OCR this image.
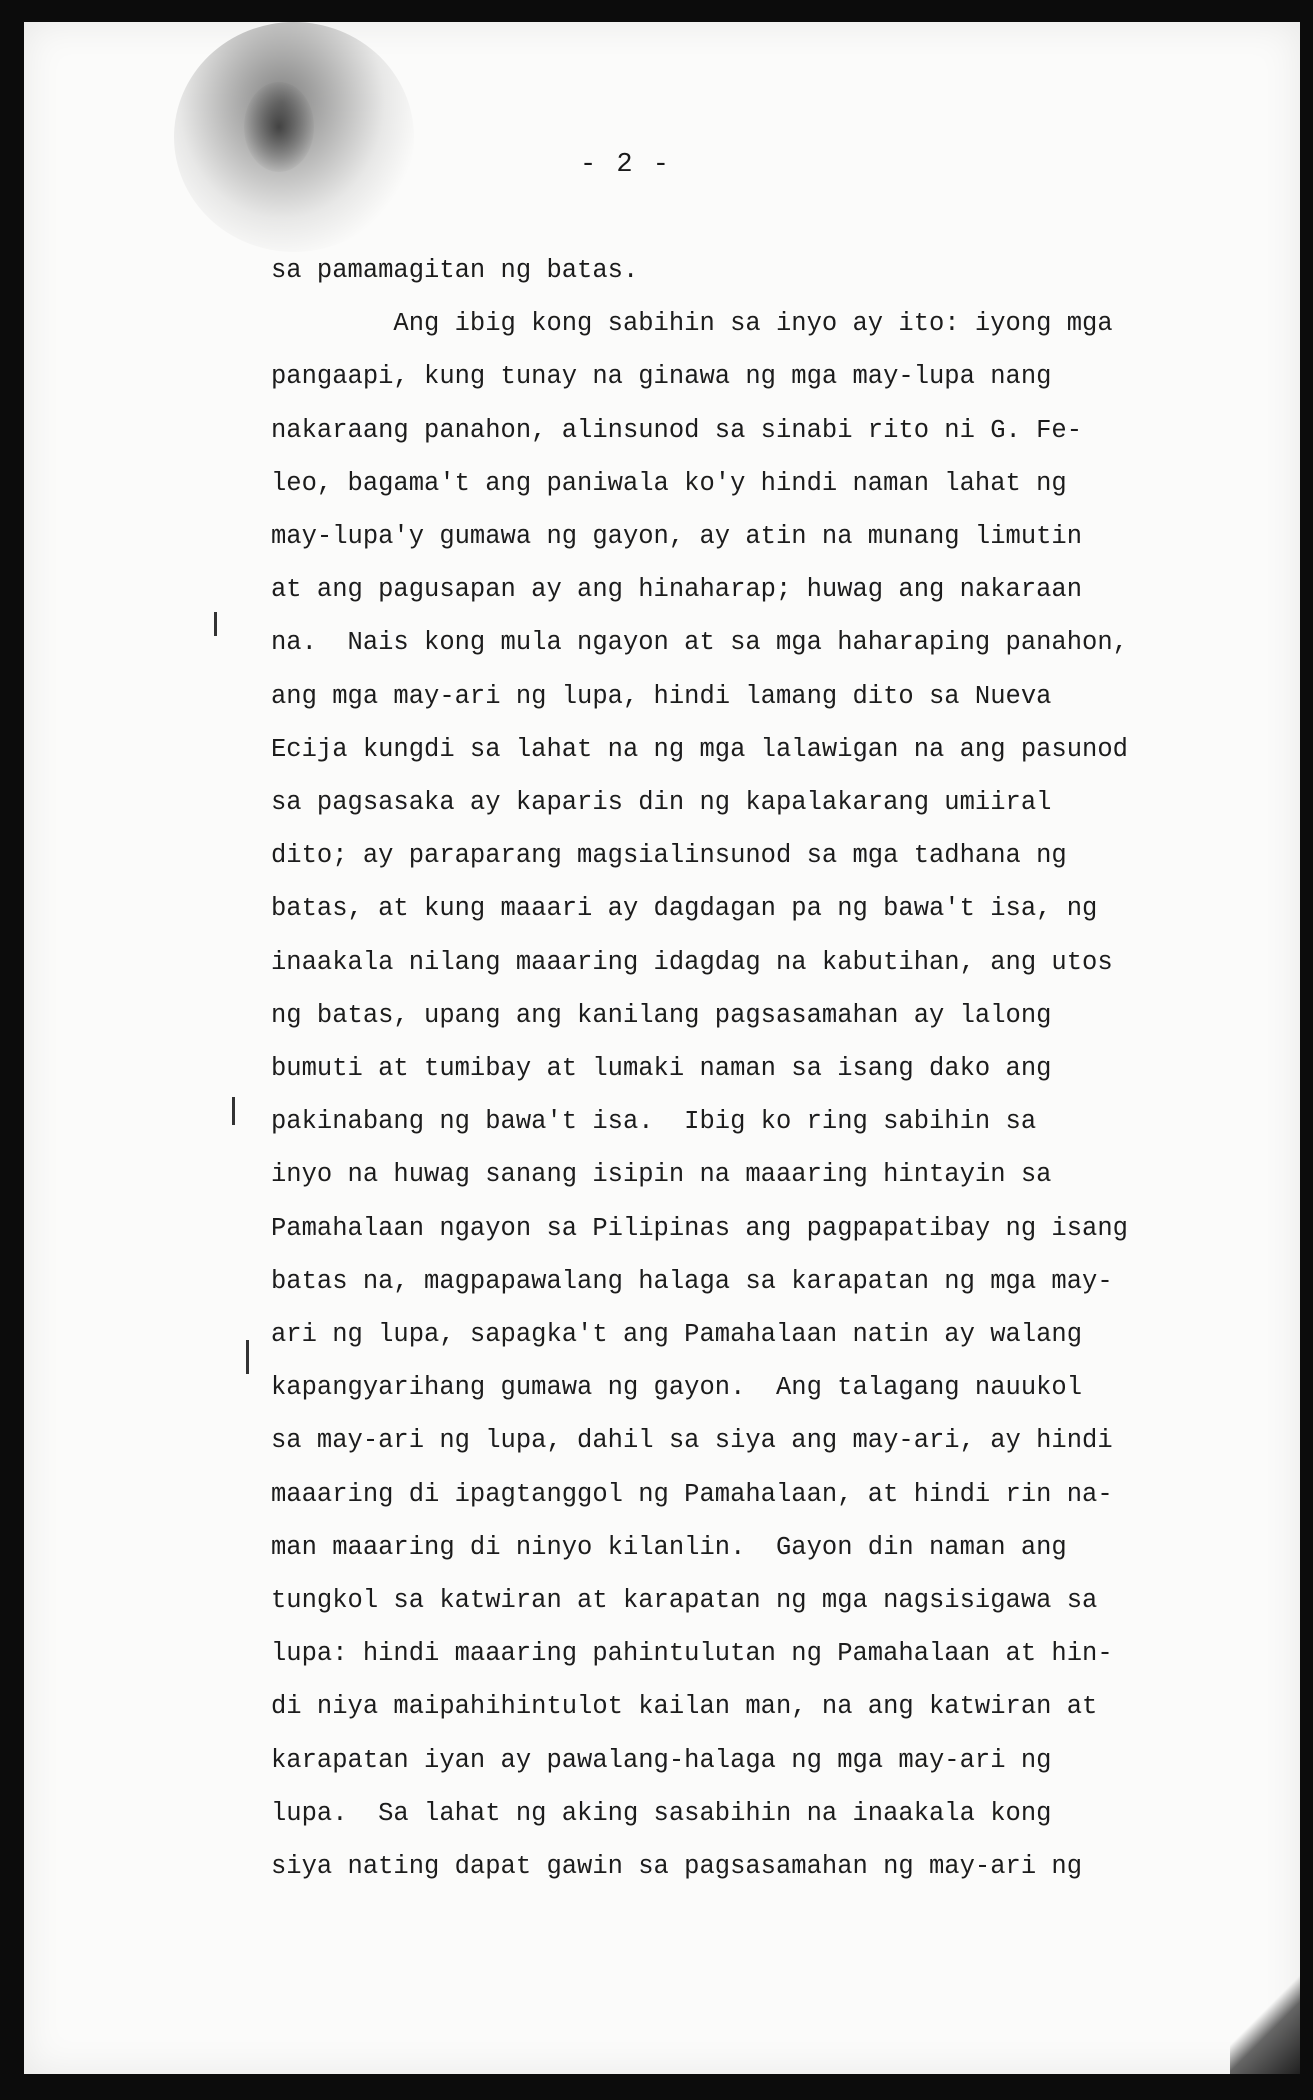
- 2 -
sa pamamagitan ng batas.
Ang ibig kong sabihin sa inyo ay ito: iyong mga
pangaapi, kung tunay na ginawa ng mga may-lupa nang
nakaraang panahon, alinsunod sa sinabi rito ni G. Fe-
leo, bagama't ang paniwala ko'y hindi naman lahat ng
may-lupa'y gumawa ng gayon, ay atin na munang limutin
at ang pagusapan ay ang hinaharap; huwag ang nakaraan
na.  Nais kong mula ngayon at sa mga haharaping panahon,
ang mga may-ari ng lupa, hindi lamang dito sa Nueva
Ecija kungdi sa lahat na ng mga lalawigan na ang pasunod
sa pagsasaka ay kaparis din ng kapalakarang umiiral
dito; ay paraparang magsialinsunod sa mga tadhana ng
batas, at kung maaari ay dagdagan pa ng bawa't isa, ng
inaakala nilang maaaring idagdag na kabutihan, ang utos
ng batas, upang ang kanilang pagsasamahan ay lalong
bumuti at tumibay at lumaki naman sa isang dako ang
pakinabang ng bawa't isa.  Ibig ko ring sabihin sa
inyo na huwag sanang isipin na maaaring hintayin sa
Pamahalaan ngayon sa Pilipinas ang pagpapatibay ng isang
batas na, magpapawalang halaga sa karapatan ng mga may-
ari ng lupa, sapagka't ang Pamahalaan natin ay walang
kapangyarihang gumawa ng gayon.  Ang talagang nauukol
sa may-ari ng lupa, dahil sa siya ang may-ari, ay hindi
maaaring di ipagtanggol ng Pamahalaan, at hindi rin na-
man maaaring di ninyo kilanlin.  Gayon din naman ang
tungkol sa katwiran at karapatan ng mga nagsisigawa sa
lupa: hindi maaaring pahintulutan ng Pamahalaan at hin-
di niya maipahihintulot kailan man, na ang katwiran at
karapatan iyan ay pawalang-halaga ng mga may-ari ng
lupa.  Sa lahat ng aking sasabihin na inaakala kong
siya nating dapat gawin sa pagsasamahan ng may-ari ng
